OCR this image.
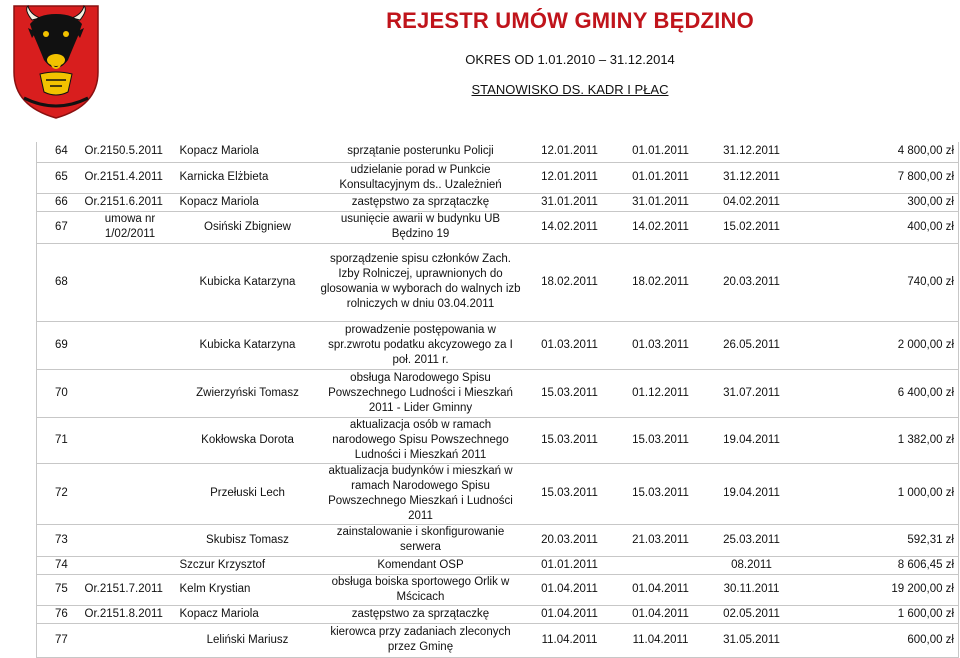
REJESTR UMÓW GMINY BĘDZINO
OKRES OD 1.01.2010 – 31.12.2014
STANOWISKO DS. KADR I PŁAC
64	Or.2150.5.2011	Kopacz Mariola	sprzątanie posterunku Policji	12.01.2011	01.01.2011	31.12.2011	4 800,00 zł
65	Or.2151.4.2011	Karnicka Elżbieta	udzielanie porad w Punkcie Konsultacyjnym ds.. Uzależnień	12.01.2011	01.01.2011	31.12.2011	7 800,00 zł
66	Or.2151.6.2011	Kopacz Mariola	zastępstwo za sprzątaczkę	31.01.2011	31.01.2011	04.02.2011	300,00 zł
67	umowa nr 1/02/2011	Osiński Zbigniew	usunięcie awarii w budynku UB Będzino 19	14.02.2011	14.02.2011	15.02.2011	400,00 zł
68		Kubicka Katarzyna	sporządzenie spisu członków Zach. Izby Rolniczej, uprawnionych do glosowania w wyborach do walnych izb rolniczych w dniu 03.04.2011	18.02.2011	18.02.2011	20.03.2011	740,00 zł
69		Kubicka Katarzyna	prowadzenie postępowania w spr.zwrotu podatku akcyzowego za I poł. 2011 r.	01.03.2011	01.03.2011	26.05.2011	2 000,00 zł
70		Zwierzyński Tomasz	obsługa Narodowego Spisu Powszechnego Ludności i Mieszkań 2011 - Lider Gminny	15.03.2011	01.12.2011	31.07.2011	6 400,00 zł
71		Kokłowska Dorota	aktualizacja osób w ramach narodowego Spisu Powszechnego Ludności i Mieszkań 2011	15.03.2011	15.03.2011	19.04.2011	1 382,00 zł
72		Przełuski Lech	aktualizacja budynków i mieszkań w ramach Narodowego Spisu Powszechnego Mieszkań i Ludności 2011	15.03.2011	15.03.2011	19.04.2011	1 000,00 zł
73		Skubisz Tomasz	zainstalowanie i skonfigurowanie serwera	20.03.2011	21.03.2011	25.03.2011	592,31 zł
74		Szczur Krzysztof	Komendant OSP	01.01.2011		08.2011	8 606,45 zł
75	Or.2151.7.2011	Kelm Krystian	obsługa boiska sportowego Orlik w Mścicach	01.04.2011	01.04.2011	30.11.2011	19 200,00 zł
76	Or.2151.8.2011	Kopacz Mariola	zastępstwo za sprzątaczkę	01.04.2011	01.04.2011	02.05.2011	1 600,00 zł
77		Leliński Mariusz	kierowca przy zadaniach zleconych przez Gminę	11.04.2011	11.04.2011	31.05.2011	600,00 zł
